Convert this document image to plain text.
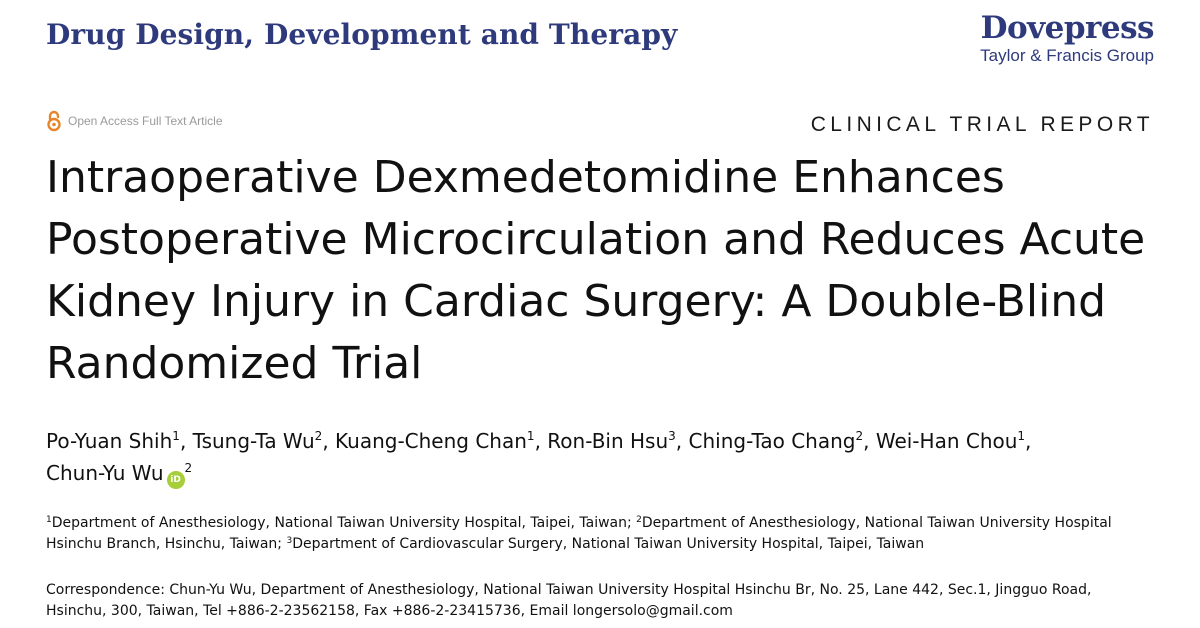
Drug Design, Development and Therapy	Dovepress
Taylor & Francis Group
Open Access Full Text Article	CLINICAL TRIAL REPORT
Intraoperative Dexmedetomidine Enhances Postoperative Microcirculation and Reduces Acute Kidney Injury in Cardiac Surgery: A Double-Blind Randomized Trial
Po-Yuan Shih$^1$, Tsung-Ta Wu$^2$, Kuang-Cheng Chan$^1$, Ron-Bin Hsu$^3$, Ching-Tao Chang$^2$, Wei-Han Chou$^1$, Chun-Yu Wu $iD^2$
$^1$Department of Anesthesiology, National Taiwan University Hospital, Taipei, Taiwan; $^2$Department of Anesthesiology, National Taiwan University Hospital Hsinchu Branch, Hsinchu, Taiwan; $^3$Department of Cardiovascular Surgery, National Taiwan University Hospital, Taipei, Taiwan
Correspondence: Chun-Yu Wu, Department of Anesthesiology, National Taiwan University Hospital Hsinchu Br, No. 25, Lane 442, Sec.1, Jingguo Road, Hsinchu, 300, Taiwan, Tel +886-2-23562158, Fax +886-2-23415736, Email longersolo@gmail.com
